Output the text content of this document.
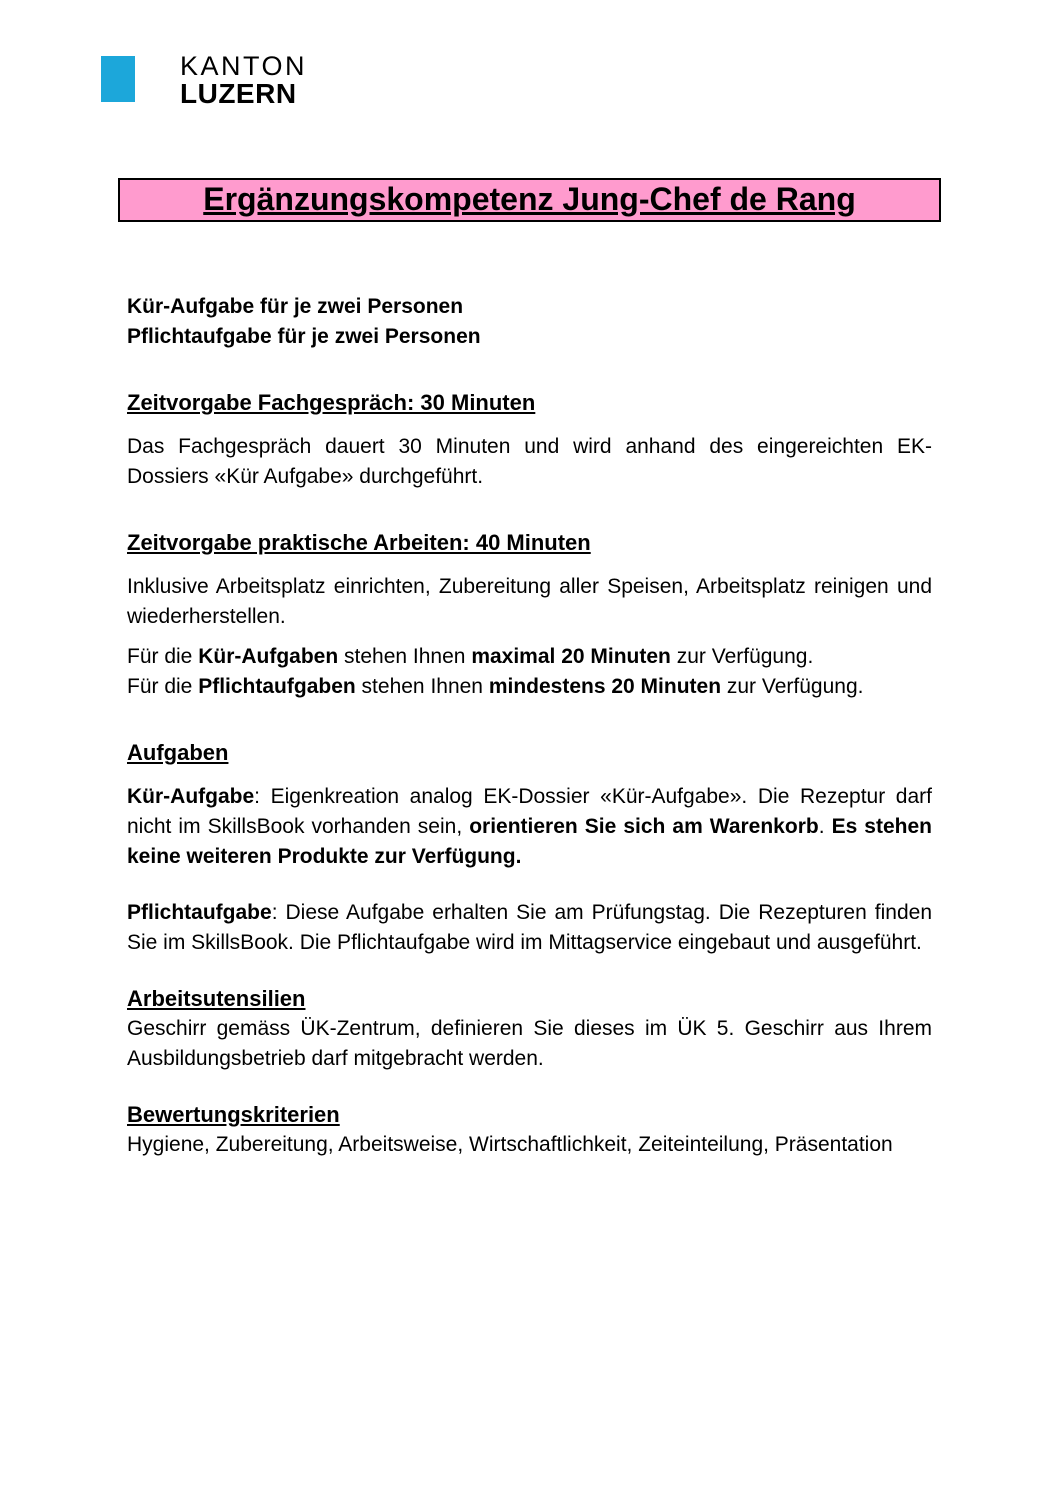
KANTON
LUZERN
Ergänzungskompetenz Jung-Chef de Rang
Kür-Aufgabe für je zwei Personen
Pflichtaufgabe für je zwei Personen
Zeitvorgabe Fachgespräch: 30 Minuten

Das Fachgespräch dauert 30 Minuten und wird anhand des eingereichten EK-Dossiers «Kür Aufgabe» durchgeführt.

Zeitvorgabe praktische Arbeiten: 40 Minuten

Inklusive Arbeitsplatz einrichten, Zubereitung aller Speisen, Arbeitsplatz reinigen und wiederherstellen.

Für die Kür-Aufgaben stehen Ihnen maximal 20 Minuten zur Verfügung.
Für die Pflichtaufgaben stehen Ihnen mindestens 20 Minuten zur Verfügung.
Aufgaben

Kür-Aufgabe: Eigenkreation analog EK-Dossier «Kür-Aufgabe». Die Rezeptur darf nicht im SkillsBook vorhanden sein, orientieren Sie sich am Warenkorb. Es stehen keine weiteren Produkte zur Verfügung.

Pflichtaufgabe: Diese Aufgabe erhalten Sie am Prüfungstag. Die Rezepturen finden Sie im SkillsBook. Die Pflichtaufgabe wird im Mittagservice eingebaut und ausgeführt.

Arbeitsutensilien

Geschirr gemäss ÜK-Zentrum, definieren Sie dieses im ÜK 5. Geschirr aus Ihrem Ausbildungsbetrieb darf mitgebracht werden.

Bewertungskriterien

Hygiene, Zubereitung, Arbeitsweise, Wirtschaftlichkeit, Zeiteinteilung, Präsentation
